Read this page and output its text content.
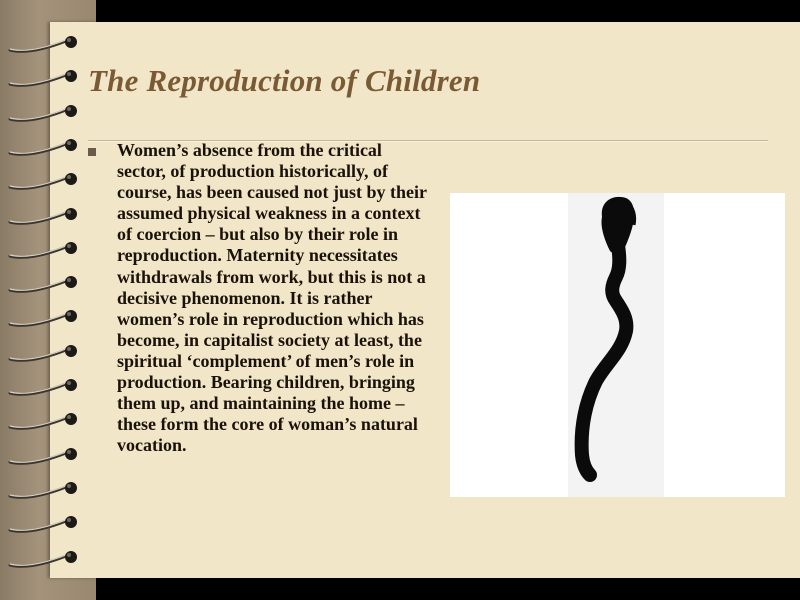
The Reproduction of Children

Women’s absence from the critical sector, of production historically, of course, has been caused not just by their assumed physical weakness in a context of coercion – but also by their role in reproduction. Maternity necessitates withdrawals from work, but this is not a decisive phenomenon. It is rather women’s role in reproduction which has become, in capitalist society at least, the spiritual ‘complement’ of men’s role in production. Bearing children, bringing them up, and maintaining the home – these form the core of woman’s natural vocation.
